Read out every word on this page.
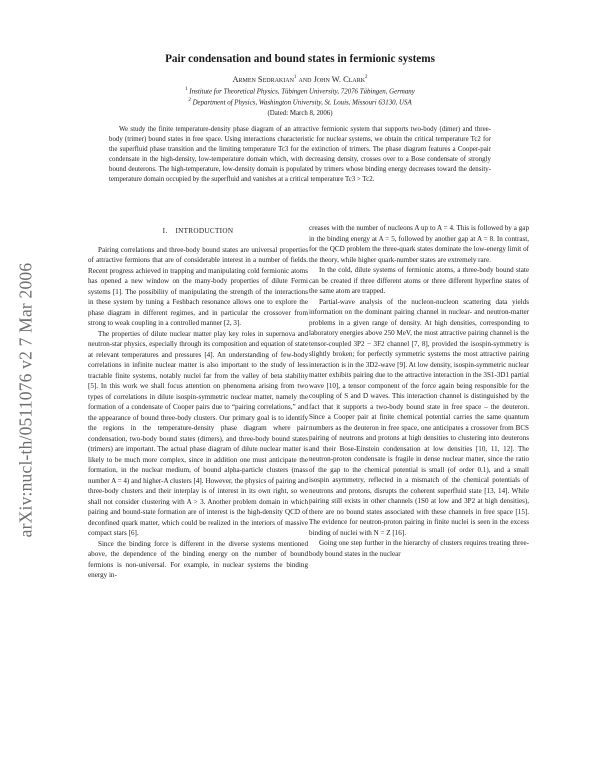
arXiv:nucl-th/0511076 v2 7 Mar 2006
Pair condensation and bound states in fermionic systems
Armen Sedrakian$^1$ and John W. Clark$^2$
$^1$ Institute for Theoretical Physics, Tübingen University, 72076 Tübingen, Germany
$^2$ Department of Physics, Washington University, St. Louis, Missouri 63130, USA
(Dated: March 8, 2006)

We study the finite temperature-density phase diagram of an attractive fermionic system that supports two-body (dimer) and three-body (trimer) bound states in free space. Using interactions characteristic for nuclear systems, we obtain the critical temperature Tc2 for the superfluid phase transition and the limiting temperature Tc3 for the extinction of trimers. The phase diagram features a Cooper-pair condensate in the high-density, low-temperature domain which, with decreasing density, crosses over to a Bose condensate of strongly bound deuterons. The high-temperature, low-density domain is populated by trimers whose binding energy decreases toward the density-temperature domain occupied by the superfluid and vanishes at a critical temperature Tc3 > Tc2.

I. INTRODUCTION

Pairing correlations and three-body bound states are universal properties of attractive fermions that are of considerable interest in a number of fields. Recent progress achieved in trapping and manipulating cold fermionic atoms has opened a new window on the many-body properties of dilute Fermi systems [1]. The possibility of manipulating the strength of the interactions in these system by tuning a Feshbach resonance allows one to explore the phase diagram in different regimes, and in particular the crossover from strong to weak coupling in a controlled manner [2, 3].

The properties of dilute nuclear matter play key roles in supernova and neutron-star physics, especially through its composition and equation of state at relevant temperatures and pressures [4]. An understanding of few-body correlations in infinite nuclear matter is also important to the study of less tractable finite systems, notably nuclei far from the valley of beta stability [5]. In this work we shall focus attention on phenomena arising from two types of correlations in dilute isospin-symmetric nuclear matter, namely the formation of a condensate of Cooper pairs due to “pairing correlations,” and the appearance of bound three-body clusters. Our primary goal is to identify the regions in the temperature-density phase diagram where pair condensation, two-body bound states (dimers), and three-body bound states (trimers) are important. The actual phase diagram of dilute nuclear matter is likely to be much more complex, since in addition one must anticipate the formation, in the nuclear medium, of bound alpha-particle clusters (mass number A = 4) and higher-A clusters [4]. However, the physics of pairing and three-body clusters and their interplay is of interest in its own right, so we shall not consider clustering with A > 3. Another problem domain in which pairing and bound-state formation are of interest is the high-density QCD of deconfined quark matter, which could be realized in the interiors of massive compact stars [6].

Since the binding force is different in the diverse systems mentioned above, the dependence of the binding energy on the number of bound fermions is non-universal. For example, in nuclear systems the binding energy in-

creases with the number of nucleons A up to A = 4. This is followed by a gap in the binding energy at A = 5, followed by another gap at A = 8. In contrast, for the QCD problem the three-quark states dominate the low-energy limit of the theory, while higher quark-number states are extremely rare.

In the cold, dilute systems of fermionic atoms, a three-body bound state can be created if three different atoms or three different hyperfine states of the same atom are trapped.

Partial-wave analysis of the nucleon-nucleon scattering data yields information on the dominant pairing channel in nuclear- and neutron-matter problems in a given range of density. At high densities, corresponding to laboratory energies above 250 MeV, the most attractive pairing channel is the tensor-coupled 3P2 − 3F2 channel [7, 8], provided the isospin-symmetry is slightly broken; for perfectly symmetric systems the most attractive pairing interaction is in the 3D2-wave [9]. At low density, isospin-symmetric nuclear matter exhibits pairing due to the attractive interaction in the 3S1-3D1 partial wave [10], a tensor component of the force again being responsible for the coupling of S and D waves. This interaction channel is distinguished by the fact that it supports a two-body bound state in free space – the deuteron. Since a Cooper pair at finite chemical potential carries the same quantum numbers as the deuteron in free space, one anticipates a crossover from BCS pairing of neutrons and protons at high densities to clustering into deuterons and their Bose-Einstein condensation at low densities [10, 11, 12]. The neutron-proton condensate is fragile in dense nuclear matter, since the ratio of the gap to the chemical potential is small (of order 0.1), and a small isospin asymmetry, reflected in a mismatch of the chemical potentials of neutrons and protons, disrupts the coherent superfluid state [13, 14]. While pairing still exists in other channels (1S0 at low and 3P2 at high densities), there are no bound states associated with these channels in free space [15]. The evidence for neutron-proton pairing in finite nuclei is seen in the excess binding of nuclei with N = Z [16].

Going one step further in the hierarchy of clusters requires treating three-body bound states in the nuclear
